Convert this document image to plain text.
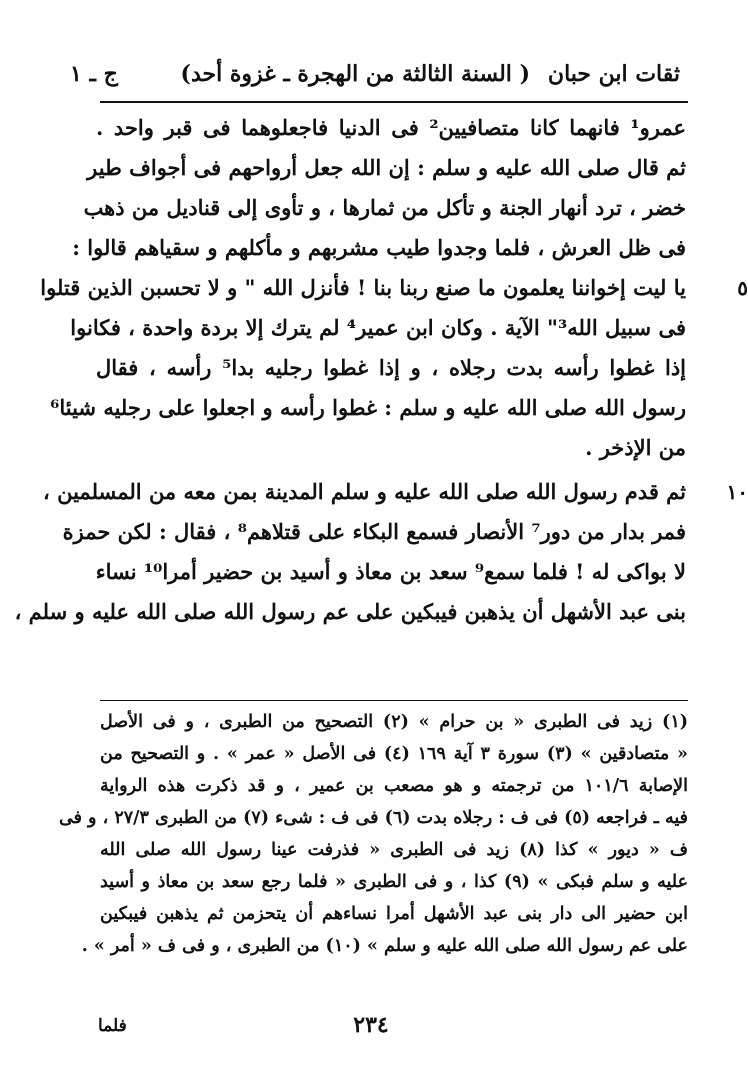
ثقات ابن حبان
( السنة الثالثة من الهجرة ـ غزوة أحد)
ج ـ ١
عمرو¹ فانهما كانا متصافيين² فى الدنيا فاجعلوهما فى قبر واحد .
ثم قال صلى الله عليه و سلم : إن الله جعل أرواحهم فى أجواف طير
خضر ، ترد أنهار الجنة و تأكل من ثمارها ، و تأوى إلى قناديل من ذهب
فى ظل العرش ، فلما وجدوا طيب مشربهم و مأكلهم و سقياهم قالوا :
٥
يا ليت إخواننا يعلمون ما صنع ربنا بنا ! فأنزل الله " و لا تحسبن الذين قتلوا
فى سبيل الله³" الآية . وكان ابن عمير⁴ لم يترك إلا بردة واحدة ، فكانوا
إذا غطوا رأسه بدت رجلاه ، و إذا غطوا رجليه بدا⁵ رأسه ، فقال
رسول الله صلى الله عليه و سلم : غطوا رأسه و اجعلوا على رجليه شيئا⁶
من الإذخر .
١٠
ثم قدم رسول الله صلى الله عليه و سلم المدينة بمن معه من المسلمين ،
فمر بدار من دور⁷ الأنصار فسمع البكاء على قتلاهم⁸ ، فقال : لكن حمزة
لا بواكى له ! فلما سمع⁹ سعد بن معاذ و أسيد بن حضير أمرا¹⁰ نساء
بنى عبد الأشهل أن يذهبن فيبكين على عم رسول الله صلى الله عليه و سلم ،
(١) زيد فى الطبرى « بن حرام » (٢) التصحيح من الطبرى ، و فى الأصل
« متصادقين » (٣) سورة ٣ آية ١٦٩ (٤) فى الأصل « عمر » . و التصحيح من
الإصابة ١٠١/٦ من ترجمته و هو مصعب بن عمير ، و قد ذكرت هذه الرواية
فيه ـ فراجعه (٥) فى ف : رجلاه بدت (٦) فى ف : شىء (٧) من الطبرى ٢٧/٣ ، و فى
ف « ديور » كذا (٨) زيد فى الطبرى « فذرفت عينا رسول الله صلى الله
عليه و سلم فبكى » (٩) كذا ، و فى الطبرى « فلما رجع سعد بن معاذ و أسيد
ابن حضير الى دار بنى عبد الأشهل أمرا نساءهم أن يتحزمن ثم يذهبن فيبكين
على عم رسول الله صلى الله عليه و سلم » (١٠) من الطبرى ، و فى ف « أمر » .
٢٣٤
فلما
